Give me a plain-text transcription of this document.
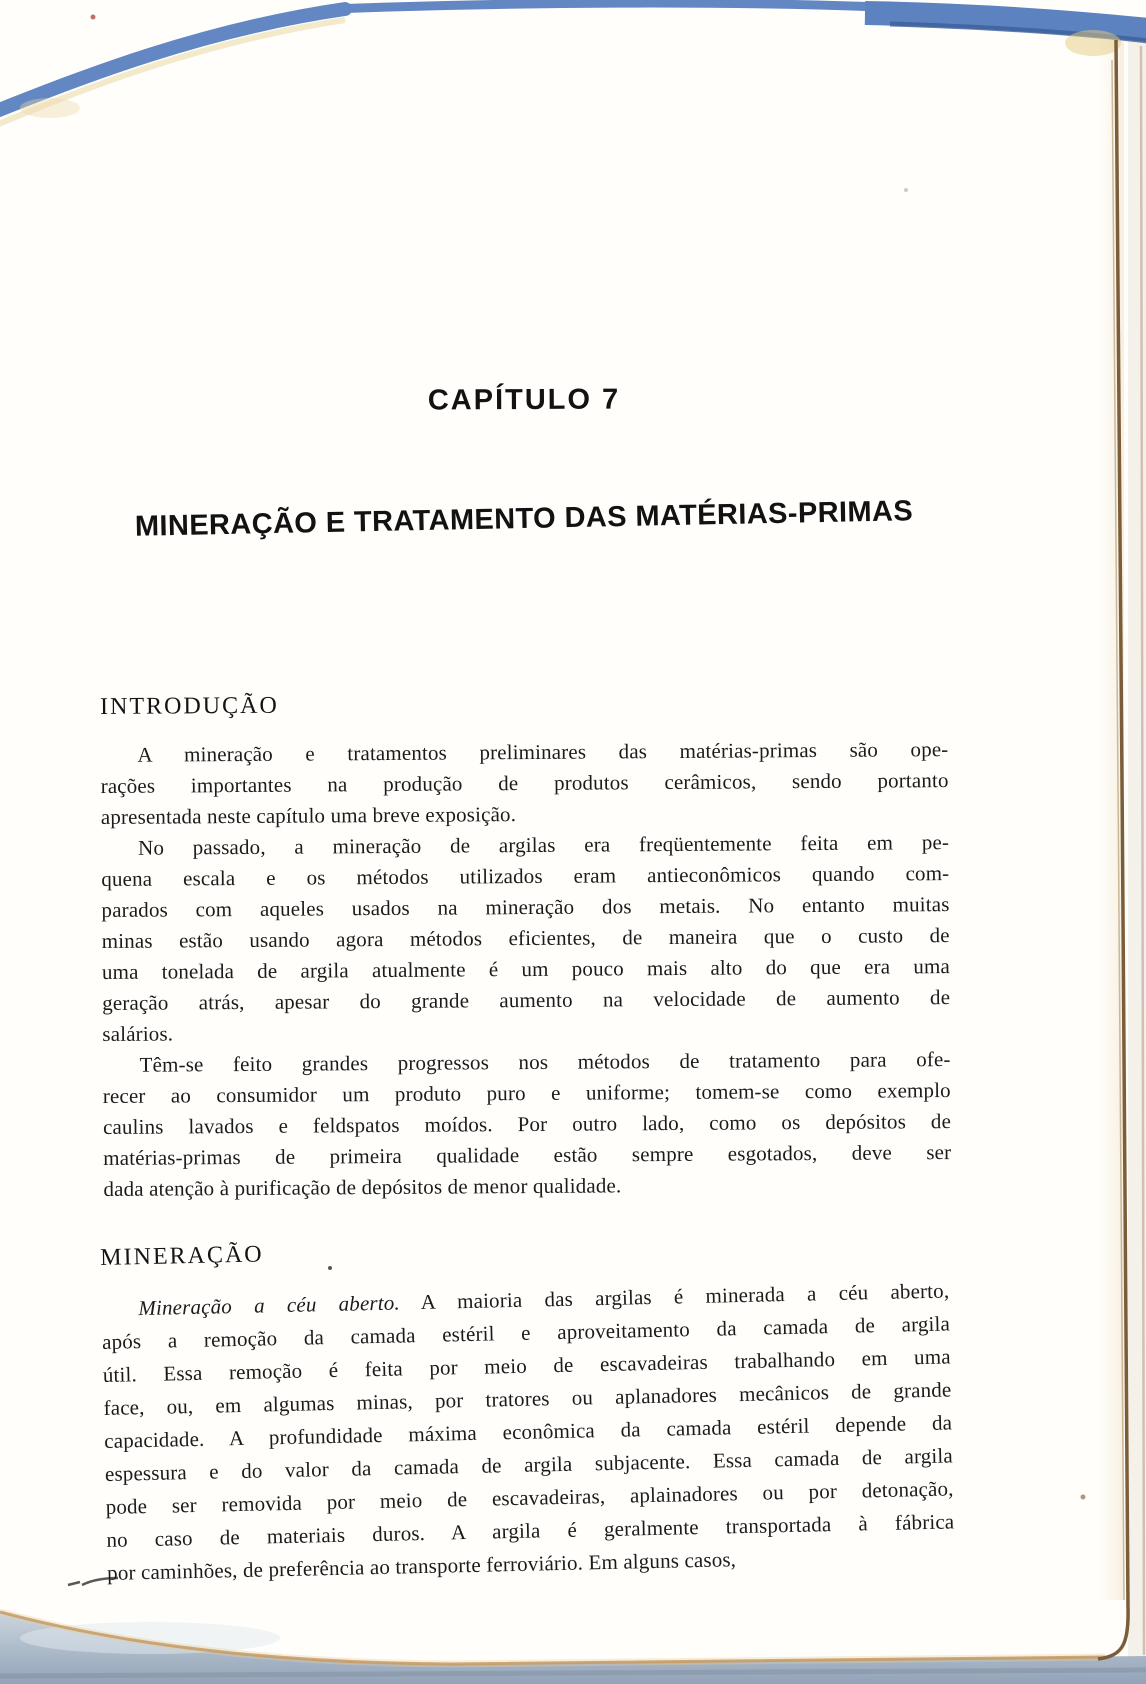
CAPÍTULO 7
MINERAÇÃO E TRATAMENTO DAS MATÉRIAS-PRIMAS
INTRODUÇÃO

A mineração e tratamentos preliminares das matérias-primas são ope-
rações importantes na produção de produtos cerâmicos, sendo portanto
apresentada neste capítulo uma breve exposição.

No passado, a mineração de argilas era freqüentemente feita em pe-
quena escala e os métodos utilizados eram antieconômicos quando com-
parados com aqueles usados na mineração dos metais. No entanto muitas
minas estão usando agora métodos eficientes, de maneira que o custo de
uma tonelada de argila atualmente é um pouco mais alto do que era uma
geração atrás, apesar do grande aumento na velocidade de aumento de
salários.

Têm-se feito grandes progressos nos métodos de tratamento para ofe-
recer ao consumidor um produto puro e uniforme; tomem-se como exemplo
caulins lavados e feldspatos moídos. Por outro lado, como os depósitos de
matérias-primas de primeira qualidade estão sempre esgotados, deve ser
dada atenção à purificação de depósitos de menor qualidade.

MINERAÇÃO

Mineração a céu aberto. A maioria das argilas é minerada a céu aberto,
após a remoção da camada estéril e aproveitamento da camada de argila
útil. Essa remoção é feita por meio de escavadeiras trabalhando em uma
face, ou, em algumas minas, por tratores ou aplanadores mecânicos de grande
capacidade. A profundidade máxima econômica da camada estéril depende da
espessura e do valor da camada de argila subjacente. Essa camada de argila
pode ser removida por meio de escavadeiras, aplainadores ou por detonação,
no caso de materiais duros. A argila é geralmente transportada à fábrica
por caminhões, de preferência ao transporte ferroviário. Em alguns casos,
